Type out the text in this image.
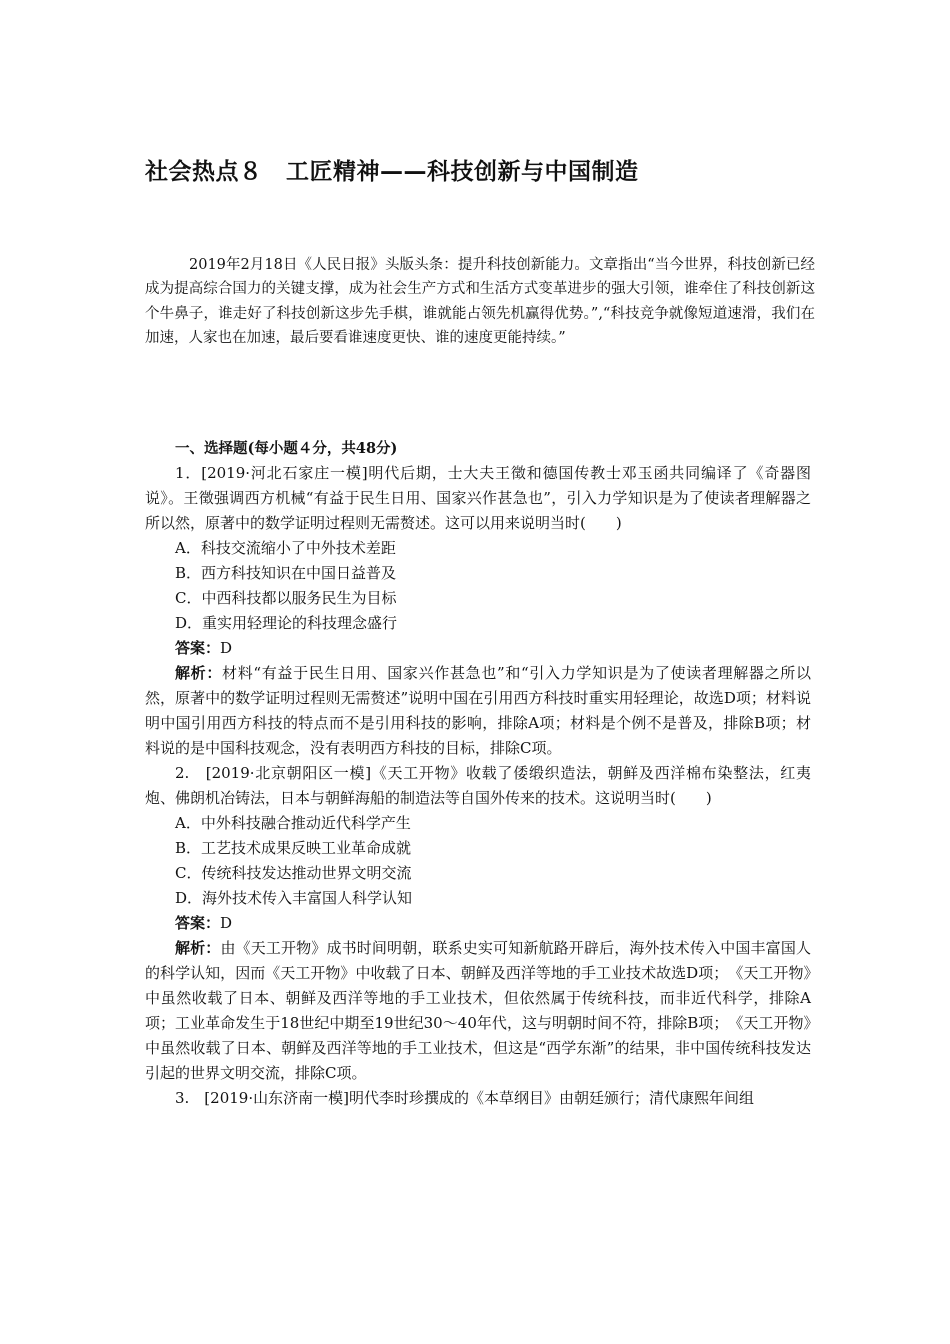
社会热点８　工匠精神——科技创新与中国制造

2019年2月18日《人民日报》头版头条：提升科技创新能力。文章指出“当今世界，科技创新已经成为提高综合国力的关键支撑，成为社会生产方式和生活方式变革进步的强大引领，谁牵住了科技创新这个牛鼻子，谁走好了科技创新这步先手棋，谁就能占领先机赢得优势。”,“科技竞争就像短道速滑，我们在加速，人家也在加速，最后要看谁速度更快、谁的速度更能持续。”

一、选择题(每小题４分，共48分)

1．[2019·河北石家庄一模]明代后期，士大夫王徵和德国传教士邓玉函共同编译了《奇器图说》。王徵强调西方机械“有益于民生日用、国家兴作甚急也”，引入力学知识是为了使读者理解器之所以然，原著中的数学证明过程则无需赘述。这可以用来说明当时(　　)

A．科技交流缩小了中外技术差距

B．西方科技知识在中国日益普及

C．中西科技都以服务民生为目标

D．重实用轻理论的科技理念盛行

答案：D

解析：材料“有益于民生日用、国家兴作甚急也”和“引入力学知识是为了使读者理解器之所以然，原著中的数学证明过程则无需赘述”说明中国在引用西方科技时重实用轻理论，故选D项；材料说明中国引用西方科技的特点而不是引用科技的影响，排除A项；材料是个例不是普及，排除B项；材料说的是中国科技观念，没有表明西方科技的目标，排除C项。

2.　[2019·北京朝阳区一模]《天工开物》收载了倭缎织造法，朝鲜及西洋棉布染整法，红夷炮、佛朗机冶铸法，日本与朝鲜海船的制造法等自国外传来的技术。这说明当时(　　)

A．中外科技融合推动近代科学产生

B．工艺技术成果反映工业革命成就

C．传统科技发达推动世界文明交流

D．海外技术传入丰富国人科学认知

答案：D

解析：由《天工开物》成书时间明朝，联系史实可知新航路开辟后，海外技术传入中国丰富国人的科学认知，因而《天工开物》中收载了日本、朝鲜及西洋等地的手工业技术故选D项；　《天工开物》中虽然收载了日本、朝鲜及西洋等地的手工业技术，但依然属于传统科技，而非近代科学，排除A项；工业革命发生于18世纪中期至19世纪30～40年代，这与明朝时间不符，排除B项；　《天工开物》中虽然收载了日本、朝鲜及西洋等地的手工业技术，但这是“西学东渐”的结果，非中国传统科技发达引起的世界文明交流，排除C项。

3.　[2019·山东济南一模]明代李时珍撰成的《本草纲目》由朝廷颁行；清代康熙年间组
